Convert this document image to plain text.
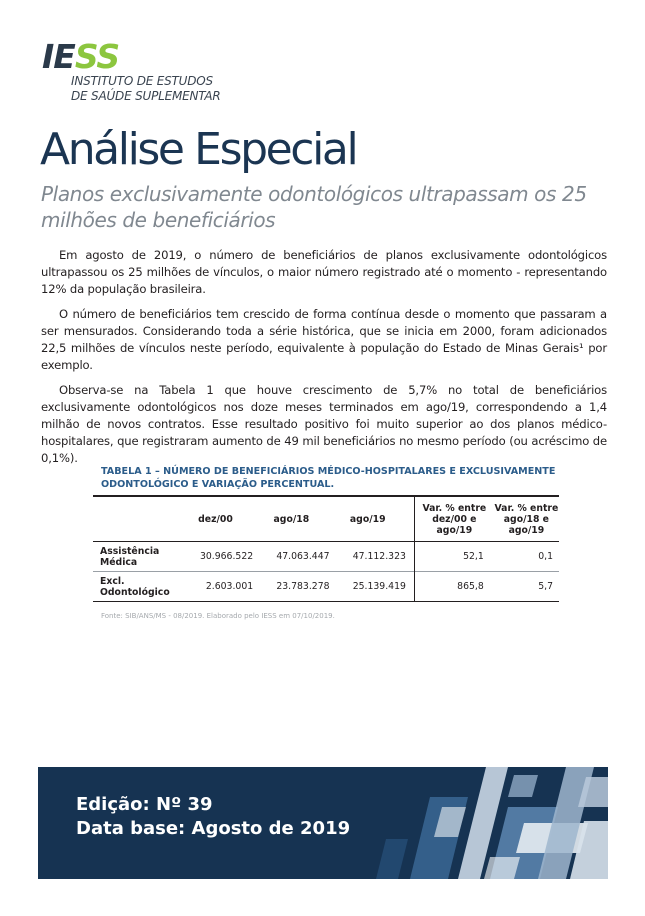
IESS
INSTITUTO DE ESTUDOS
DE SAÚDE SUPLEMENTAR
Análise Especial
Planos exclusivamente odontológicos ultrapassam os 25 milhões de beneficiários

Em agosto de 2019, o número de beneficiários de planos exclusivamente odontológicos ultrapassou os 25 milhões de vínculos, o maior número registrado até o momento - representando 12% da população brasileira.

O número de beneficiários tem crescido de forma contínua desde o momento que passaram a ser mensurados. Considerando toda a série histórica, que se inicia em 2000, foram adicionados 22,5 milhões de vínculos neste período, equivalente à população do Estado de Minas Gerais¹ por exemplo.

Observa-se na Tabela 1 que houve crescimento de 5,7% no total de beneficiários exclusivamente odontológicos nos doze meses terminados em ago/19, correspondendo a 1,4 milhão de novos contratos. Esse resultado positivo foi muito superior ao dos planos médico-hospitalares, que registraram aumento de 49 mil beneficiários no mesmo período (ou acréscimo de 0,1%).

TABELA 1 – NÚMERO DE BENEFICIÁRIOS MÉDICO-HOSPITALARES E EXCLUSIVAMENTE ODONTOLÓGICO E VARIAÇÃO PERCENTUAL.
	dez/00	ago/18	ago/19	Var. % entre dez/00 e ago/19	Var. % entre ago/18 e ago/19
Assistência Médica	30.966.522	47.063.447	47.112.323	52,1	0,1
Excl. Odontológico	2.603.001	23.783.278	25.139.419	865,8	5,7
Fonte: SIB/ANS/MS - 08/2019. Elaborado pelo IESS em 07/10/2019.
Edição: Nº 39
Data base: Agosto de 2019
